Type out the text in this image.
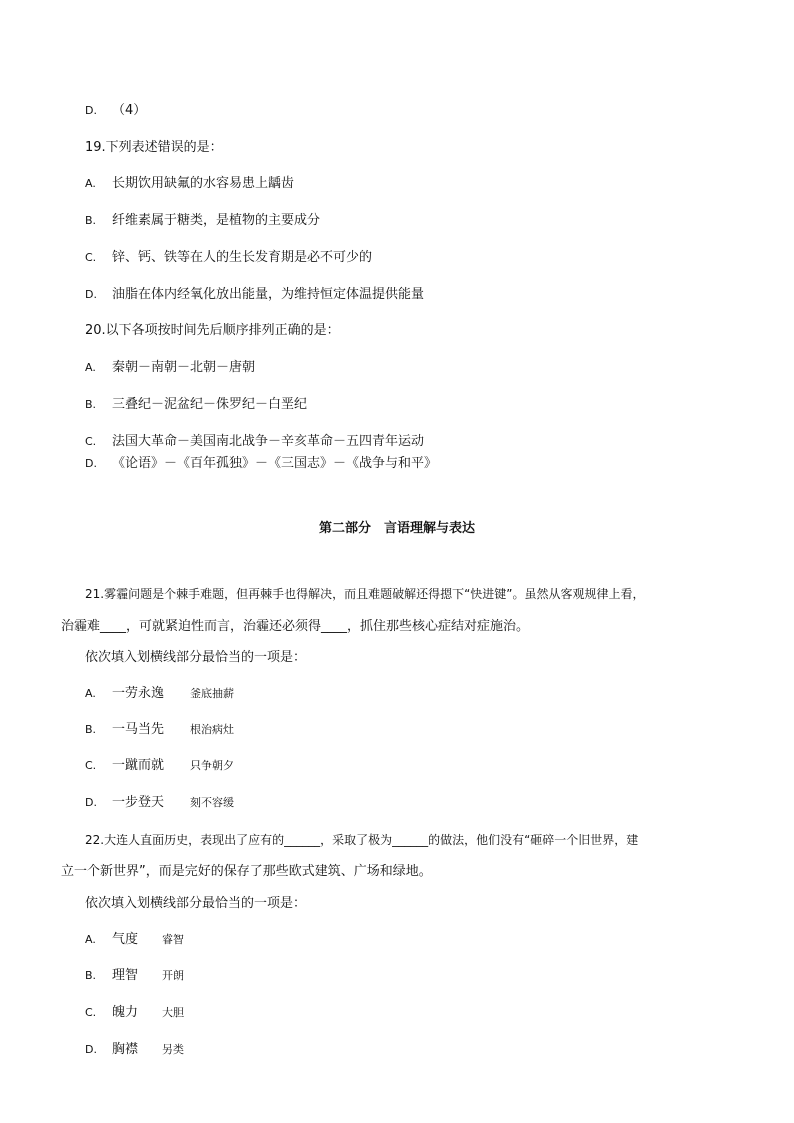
D. （4）
19.下列表述错误的是：
A. 长期饮用缺氟的水容易患上龋齿
B. 纤维素属于糖类，是植物的主要成分
C. 锌、钙、铁等在人的生长发育期是必不可少的
D. 油脂在体内经氧化放出能量，为维持恒定体温提供能量
20.以下各项按时间先后顺序排列正确的是：
A. 秦朝－南朝－北朝－唐朝
B. 三叠纪－泥盆纪－侏罗纪－白垩纪
C. 法国大革命－美国南北战争－辛亥革命－五四青年运动
D. 《论语》－《百年孤独》－《三国志》－《战争与和平》
第二部分　言语理解与表达
21.雾霾问题是个棘手难题，但再棘手也得解决，而且难题破解还得摁下“快进键”。虽然从客观规律上看，
治霾难____，可就紧迫性而言，治霾还必须得____，抓住那些核心症结对症施治。
依次填入划横线部分最恰当的一项是：
A. 一劳永逸 釜底抽薪
B. 一马当先 根治病灶
C. 一蹴而就 只争朝夕
D. 一步登天 刻不容缓
22.大连人直面历史，表现出了应有的______，采取了极为______的做法，他们没有“砸碎一个旧世界，建
立一个新世界”，而是完好的保存了那些欧式建筑、广场和绿地。
依次填入划横线部分最恰当的一项是：
A. 气度 睿智
B. 理智 开朗
C. 魄力 大胆
D. 胸襟 另类
